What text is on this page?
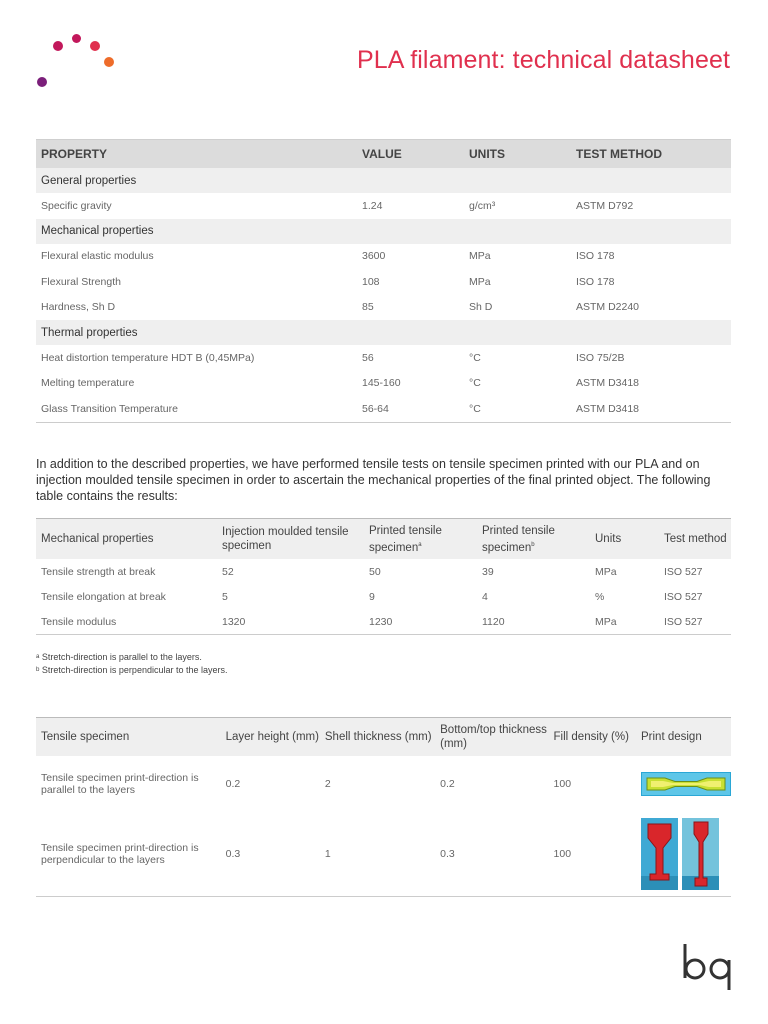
PLA filament: technical datasheet
PROPERTY	VALUE	UNITS	TEST METHOD
General properties			
Specific gravity	1.24	g/cm³	ASTM D792
Mechanical properties			
Flexural elastic modulus	3600	MPa	ISO 178
Flexural Strength	108	MPa	ISO 178
Hardness, Sh D	85	Sh D	ASTM D2240
Thermal properties			
Heat distortion temperature HDT B (0,45MPa)	56	°C	ISO 75/2B
Melting temperature	145-160	°C	ASTM D3418
Glass Transition Temperature	56-64	°C	ASTM D3418

In addition to the described properties, we have performed tensile tests on tensile specimen printed with our PLA and on injection moulded tensile specimen in order to ascertain the mechanical properties of the final printed object. The following table contains the results:

Mechanical properties	Injection moulded tensile specimen	Printed tensile specimen$^a$	Printed tensile specimen$^b$	Units	Test method
Tensile strength at break	52	50	39	MPa	ISO 527
Tensile elongation at break	5	9	4	%	ISO 527
Tensile modulus	1320	1230	1120	MPa	ISO 527
ᵃ Stretch-direction is parallel to the layers.
ᵇ Stretch-direction is perpendicular to the layers.
Tensile specimen	Layer height (mm)	Shell thickness (mm)	Bottom/top thickness (mm)	Fill density (%)	Print design
Tensile specimen print-direction is parallel to the layers	0.2	2	0.2	100	

Tensile specimen print-direction is perpendicular to the layers	0.3	1	0.3	100	
